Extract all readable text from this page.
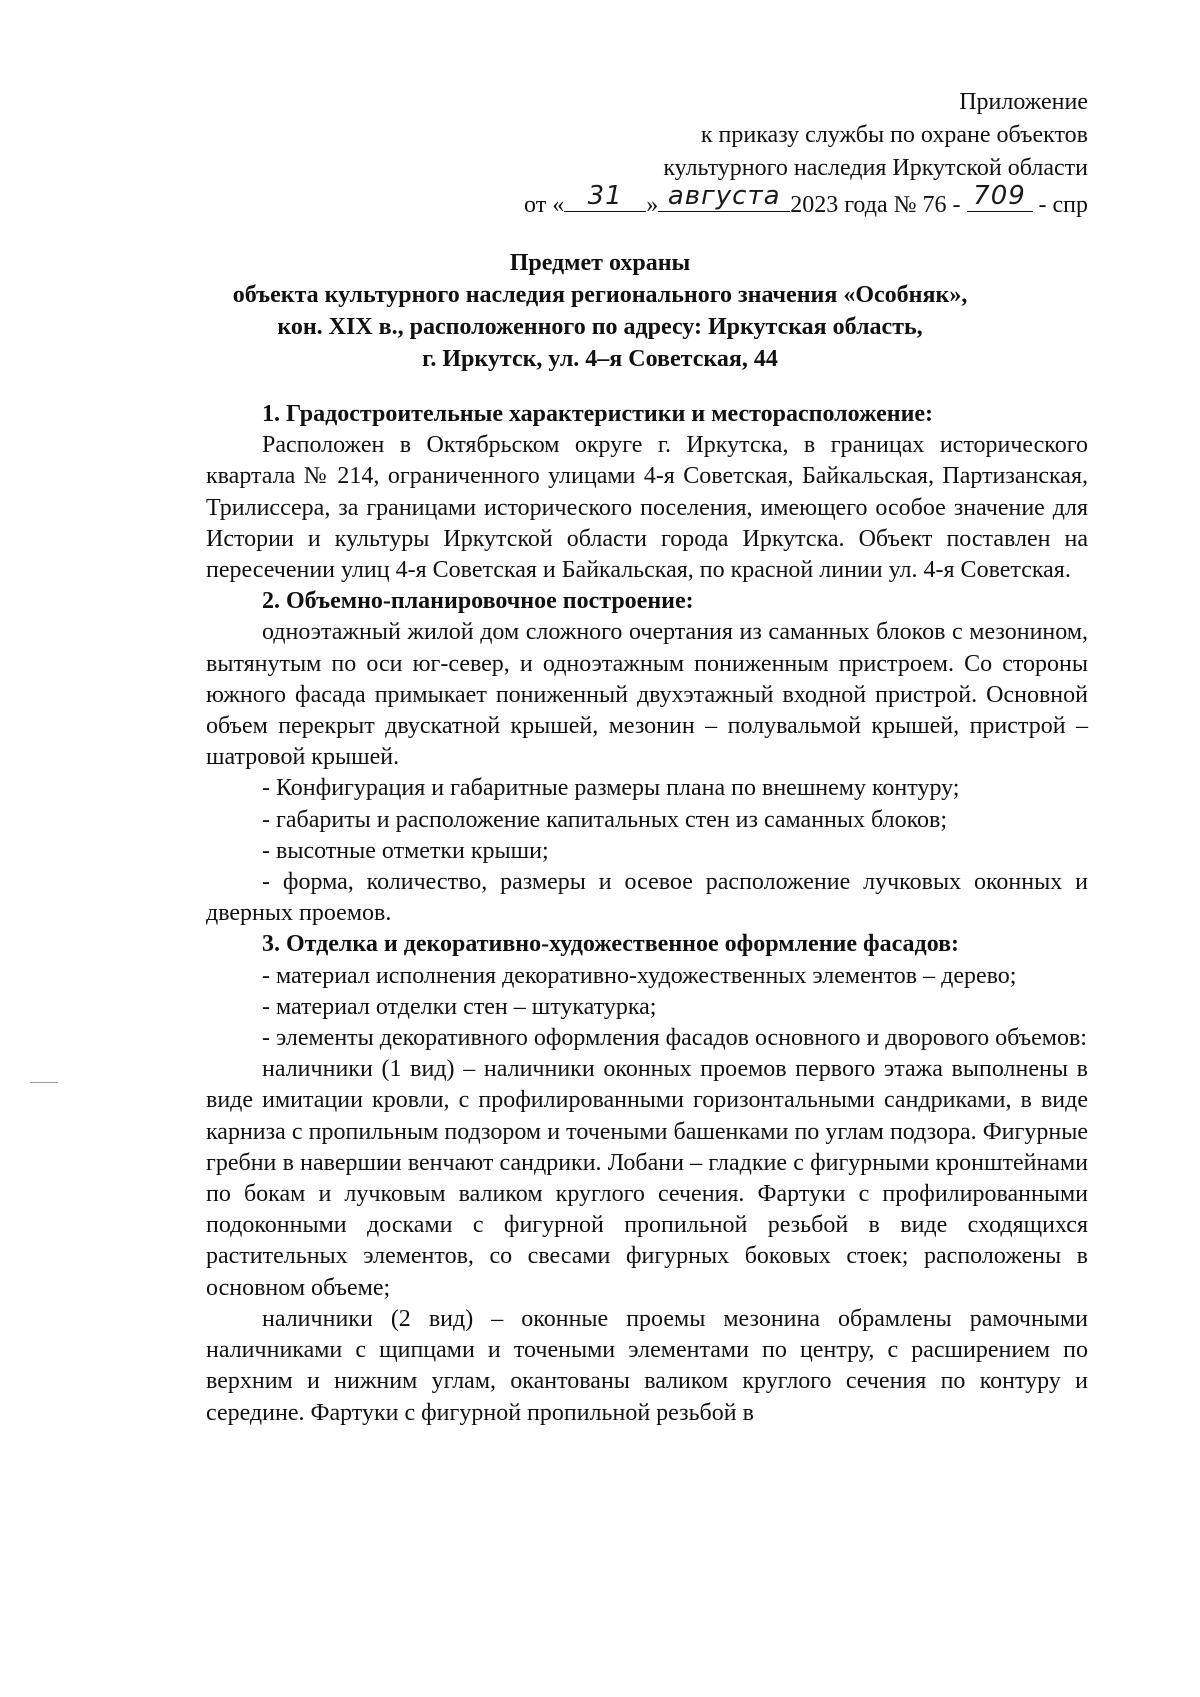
Приложение
к приказу службы по охране объектов
культурного наследия Иркутской области
от « 31 » августа 2023 года № 76 - 709 - спр
Предмет охраны
объекта культурного наследия регионального значения «Особняк»,
кон. XIX в., расположенного по адресу: Иркутская область,
г. Иркутск, ул. 4–я Советская, 44
1. Градостроительные характеристики и месторасположение:

Расположен в Октябрьском округе г. Иркутска, в границах исторического квартала № 214, ограниченного улицами 4-я Советская, Байкальская, Партизанская, Трилиссера, за границами исторического поселения, имеющего особое значение для Истории и культуры Иркутской области города Иркутска. Объект поставлен на пересечении улиц 4-я Советская и Байкальская, по красной линии ул. 4-я Советская.

2. Объемно-планировочное построение:

одноэтажный жилой дом сложного очертания из саманных блоков с мезонином, вытянутым по оси юг-север, и одноэтажным пониженным пристроем. Со стороны южного фасада примыкает пониженный двухэтажный входной пристрой. Основной объем перекрыт двускатной крышей, мезонин – полувальмой крышей, пристрой – шатровой крышей.

- Конфигурация и габаритные размеры плана по внешнему контуру;

- габариты и расположение капитальных стен из саманных блоков;

- высотные отметки крыши;

- форма, количество, размеры и осевое расположение лучковых оконных и дверных проемов.

3. Отделка и декоративно-художественное оформление фасадов:

- материал исполнения декоративно-художественных элементов – дерево;

- материал отделки стен – штукатурка;

- элементы декоративного оформления фасадов основного и дворового объемов:

наличники (1 вид) – наличники оконных проемов первого этажа выполнены в виде имитации кровли, с профилированными горизонтальными сандриками, в виде карниза с пропильным подзором и точеными башенками по углам подзора. Фигурные гребни в навершии венчают сандрики. Лобани – гладкие с фигурными кронштейнами по бокам и лучковым валиком круглого сечения. Фартуки с профилированными подоконными досками с фигурной пропильной резьбой в виде сходящихся растительных элементов, со свесами фигурных боковых стоек; расположены в основном объеме;

наличники (2 вид) – оконные проемы мезонина обрамлены рамочными наличниками с щипцами и точеными элементами по центру, с расширением по верхним и нижним углам, окантованы валиком круглого сечения по контуру и середине. Фартуки с фигурной пропильной резьбой в
